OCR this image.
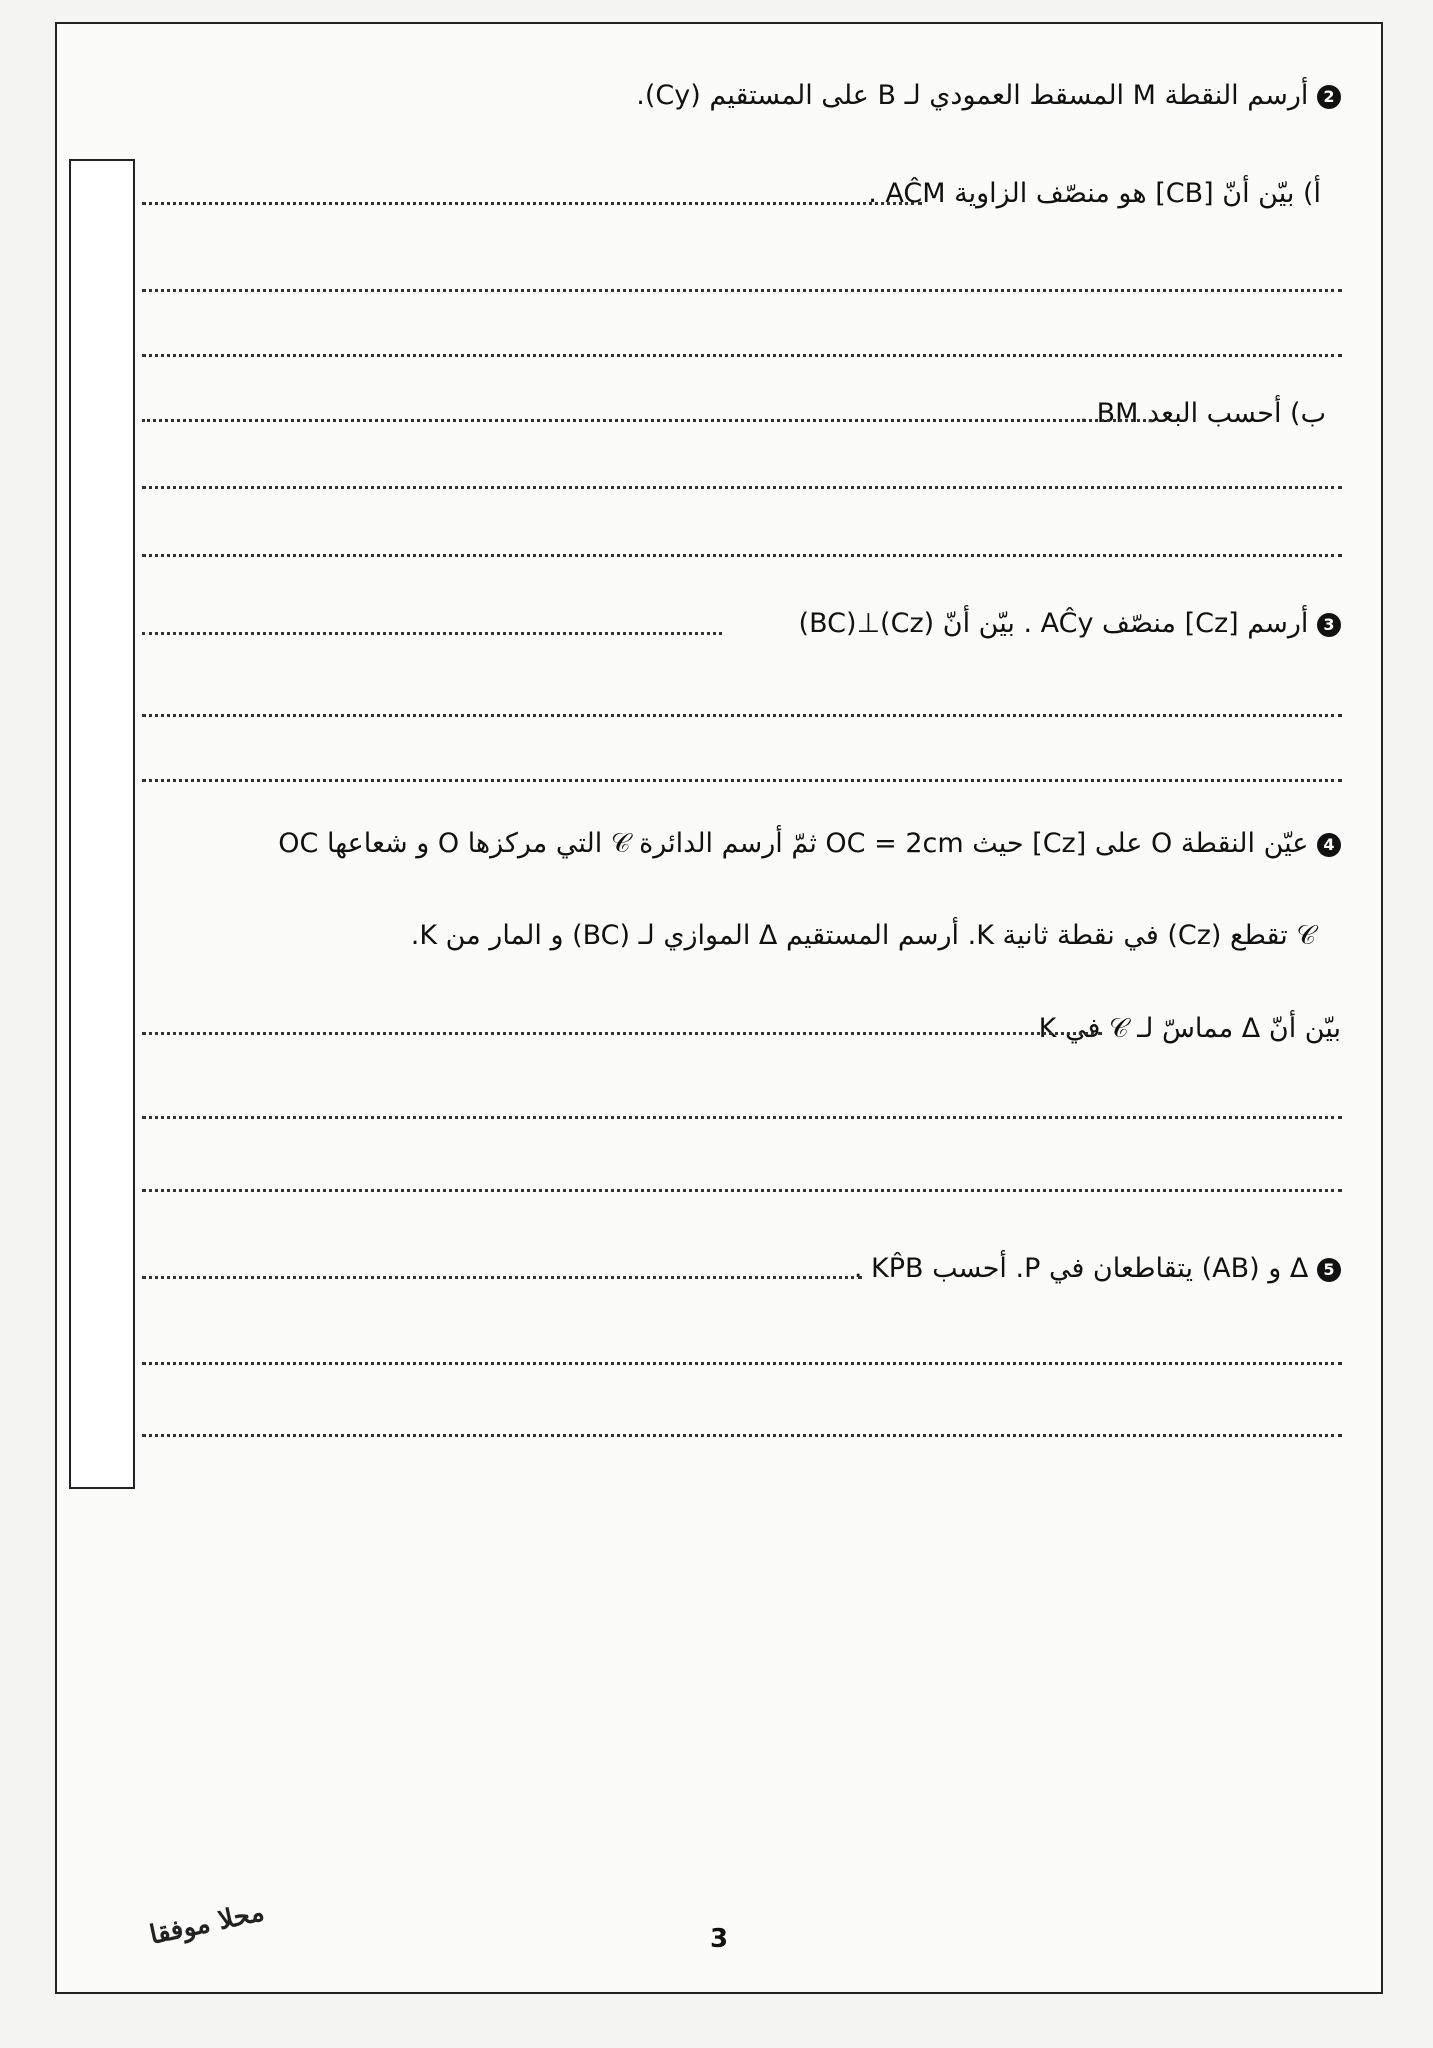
2 أرسم النقطة M المسقط العمودي لـ B على المستقيم (Cy).
أ) بيّن أنّ [CB] هو منصّف الزاوية AĈM .
ب) أحسب البعد BM .
3 أرسم [Cz] منصّف AĈy . بيّن أنّ (Cz)⊥(BC)
4 عيّن النقطة O على [Cz] حيث OC = 2cm ثمّ أرسم الدائرة 𝒞 التي مركزها O و شعاعها OC
𝒞 تقطع (Cz) في نقطة ثانية K. أرسم المستقيم Δ الموازي لـ (BC) و المار من K.
بيّن أنّ Δ مماسّ لـ 𝒞 في K
5 Δ و (AB) يتقاطعان في P. أحسب KP̂B .
محلا موفقا	3
